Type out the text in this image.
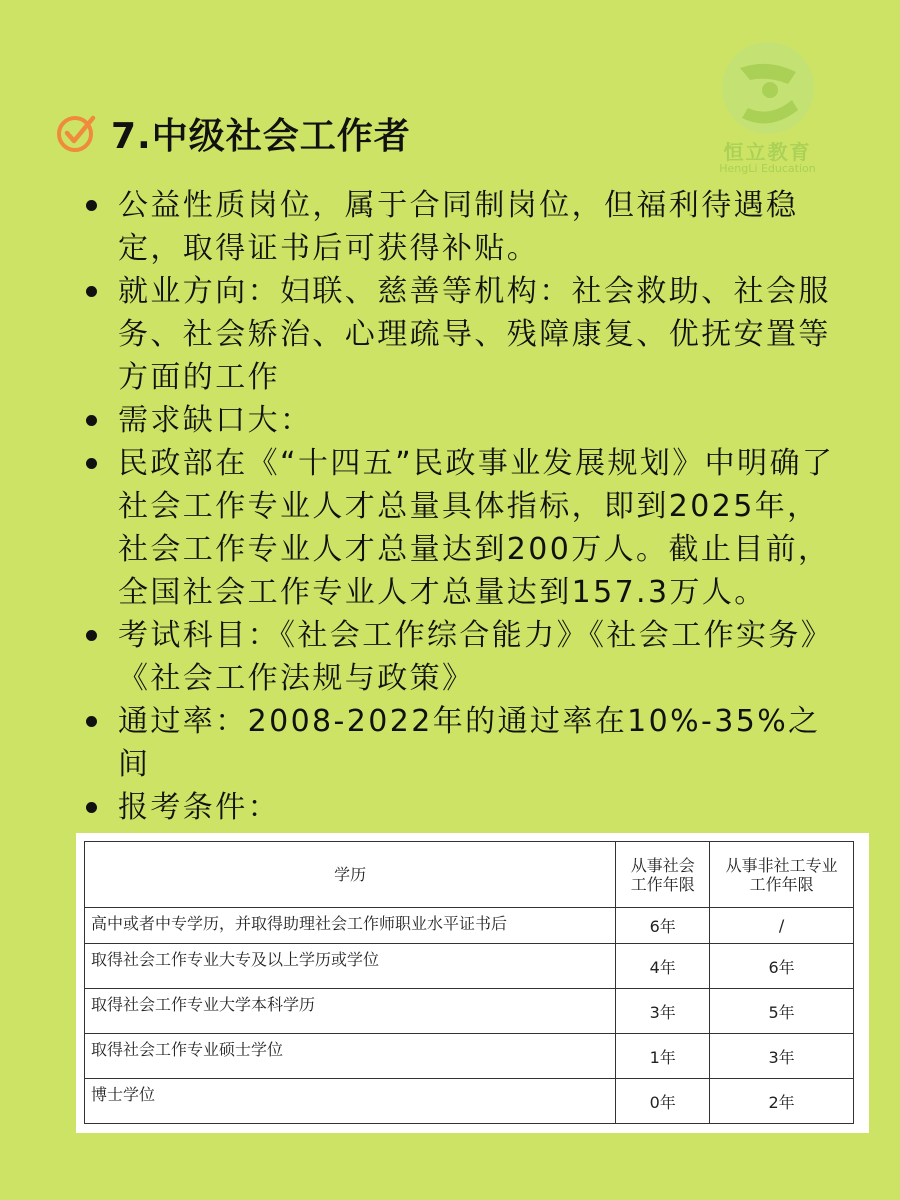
恒立教育
HengLi Education
7.中级社会工作者
公益性质岗位，属于合同制岗位，但福利待遇稳定，取得证书后可获得补贴。
就业方向：妇联、慈善等机构：社会救助、社会服务、社会矫治、心理疏导、残障康复、优抚安置等方面的工作
需求缺口大：
民政部在《“十四五”民政事业发展规划》中明确了社会工作专业人才总量具体指标，即到2025年，社会工作专业人才总量达到200万人。截止目前，全国社会工作专业人才总量达到157.3万人。
考试科目：《社会工作综合能力》《社会工作实务》《社会工作法规与政策》
通过率：2008-2022年的通过率在10%-35%之间
报考条件：
学历	从事社会工作年限	从事非社工专业工作年限
高中或者中专学历，并取得助理社会工作师职业水平证书后	6年	/
取得社会工作专业大专及以上学历或学位	4年	6年
取得社会工作专业大学本科学历	3年	5年
取得社会工作专业硕士学位	1年	3年
博士学位	0年	2年
